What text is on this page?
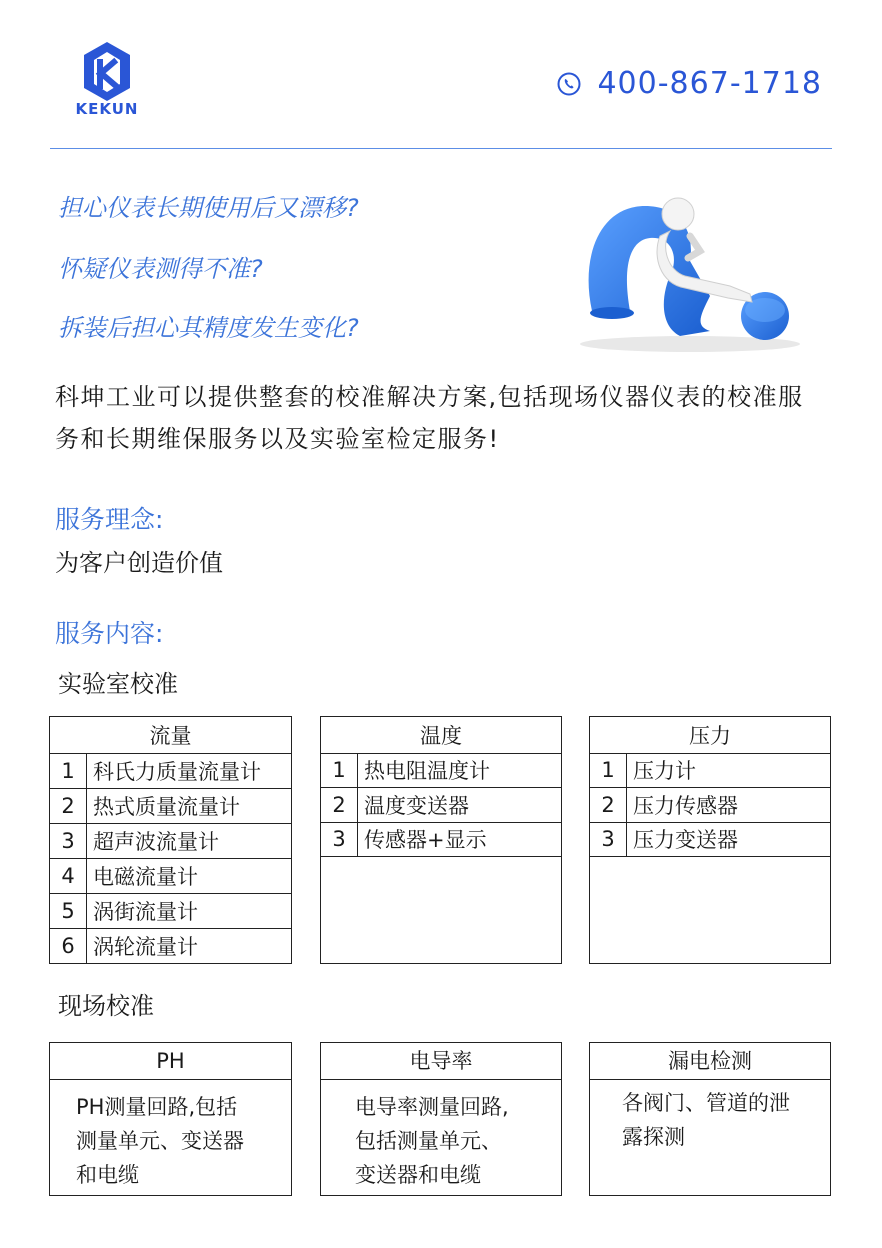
KEKUN
400-867-1718
担心仪表长期使用后又漂移?
怀疑仪表测得不准?
拆装后担心其精度发生变化?
科坤工业可以提供整套的校准解决方案,包括现场仪器仪表的校准服务和长期维保服务以及实验室检定服务!
服务理念:
为客户创造价值
服务内容:
实验室校准
流量	
1	科氏力质量流量计
2	热式质量流量计
3	超声波流量计
4	电磁流量计
5	涡街流量计
6	涡轮流量计
温度	
1	热电阻温度计
2	温度变送器
3	传感器+显示

压力	
1	压力计
2	压力传感器
3	压力变送器

现场校准
PH
PH测量回路,包括
测量单元、变送器
和电缆
电导率
电导率测量回路,
包括测量单元、
变送器和电缆
漏电检测
各阀门、管道的泄
露探测
